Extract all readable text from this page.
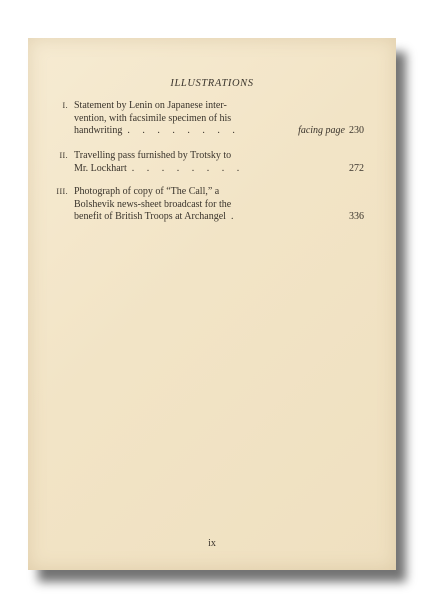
ILLUSTRATIONS
I. Statement by Lenin on Japanese inter-
vention, with facsimile specimen of his
handwriting . . . . . . . .	facing page 230
II. Travelling pass furnished by Trotsky to
Mr. Lockhart . . . . . . . .	272
III. Photograph of copy of “The Call,” a
Bolshevik news-sheet broadcast for the
benefit of British Troops at Archangel .	336
ix
